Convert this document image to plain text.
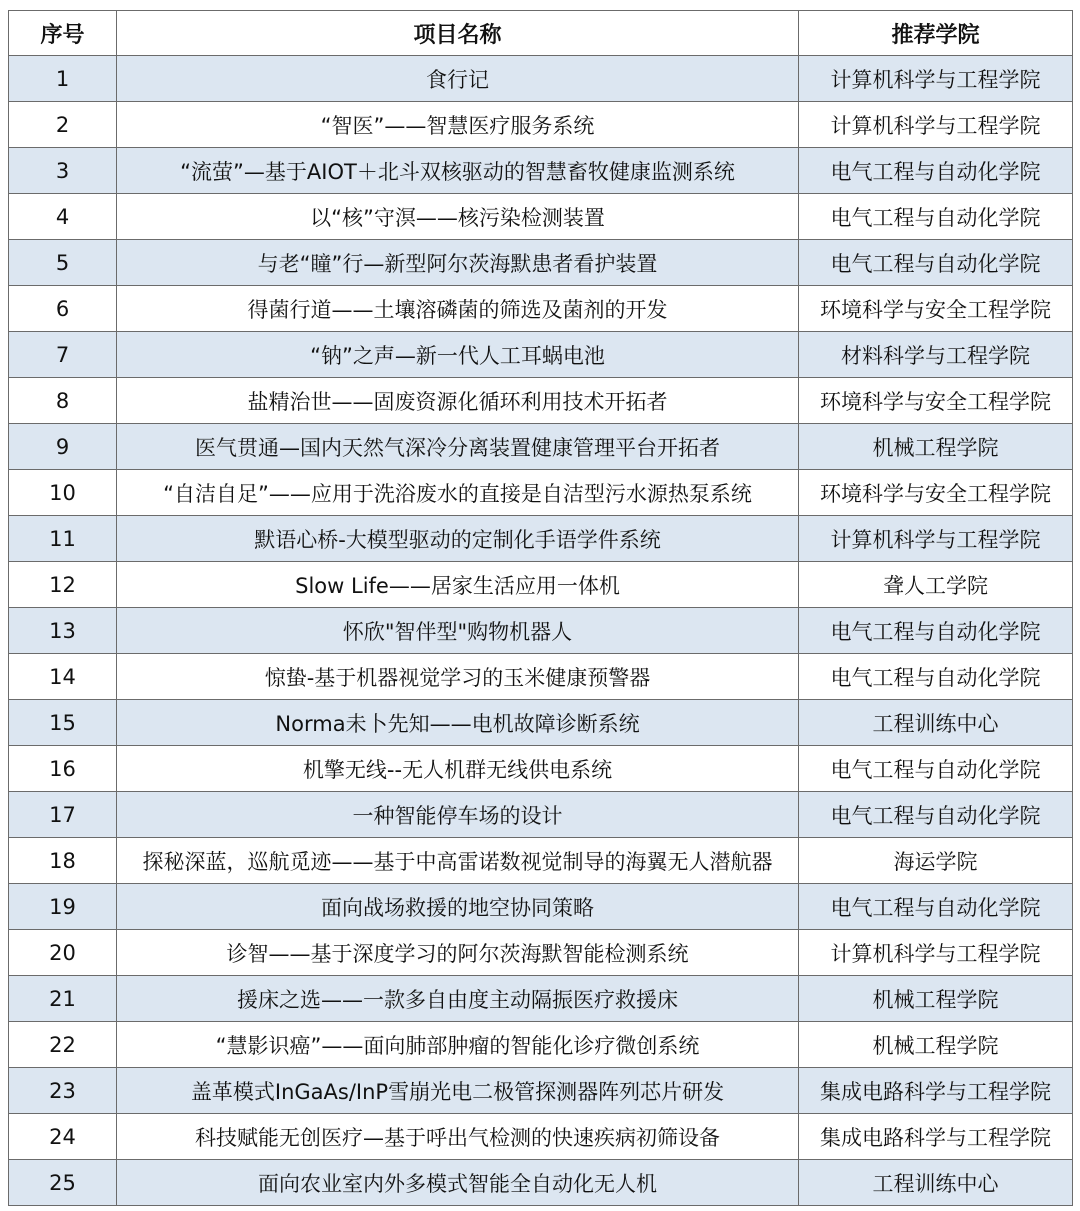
序号	项目名称	推荐学院
1	食行记	计算机科学与工程学院
2	“智医”——智慧医疗服务系统	计算机科学与工程学院
3	“流萤”—基于AIOT＋北斗双核驱动的智慧畜牧健康监测系统	电气工程与自动化学院
4	以“核”守溟——核污染检测装置	电气工程与自动化学院
5	与老“瞳”行—新型阿尔茨海默患者看护装置	电气工程与自动化学院
6	得菌行道——土壤溶磷菌的筛选及菌剂的开发	环境科学与安全工程学院
7	“钠”之声—新一代人工耳蜗电池	材料科学与工程学院
8	盐精治世——固废资源化循环利用技术开拓者	环境科学与安全工程学院
9	医气贯通—国内天然气深冷分离装置健康管理平台开拓者	机械工程学院
10	“自洁自足”——应用于洗浴废水的直接是自洁型污水源热泵系统	环境科学与安全工程学院
11	默语心桥-大模型驱动的定制化手语学件系统	计算机科学与工程学院
12	Slow Life——居家生活应用一体机	聋人工学院
13	怀欣"智伴型"购物机器人	电气工程与自动化学院
14	惊蛰-基于机器视觉学习的玉米健康预警器	电气工程与自动化学院
15	Norma未卜先知——电机故障诊断系统	工程训练中心
16	机擎无线--无人机群无线供电系统	电气工程与自动化学院
17	一种智能停车场的设计	电气工程与自动化学院
18	探秘深蓝，巡航觅迹——基于中高雷诺数视觉制导的海翼无人潜航器	海运学院
19	面向战场救援的地空协同策略	电气工程与自动化学院
20	诊智——基于深度学习的阿尔茨海默智能检测系统	计算机科学与工程学院
21	援床之选——一款多自由度主动隔振医疗救援床	机械工程学院
22	“慧影识癌”——面向肺部肿瘤的智能化诊疗微创系统	机械工程学院
23	盖革模式InGaAs/InP雪崩光电二极管探测器阵列芯片研发	集成电路科学与工程学院
24	科技赋能无创医疗—基于呼出气检测的快速疾病初筛设备	集成电路科学与工程学院
25	面向农业室内外多模式智能全自动化无人机	工程训练中心
